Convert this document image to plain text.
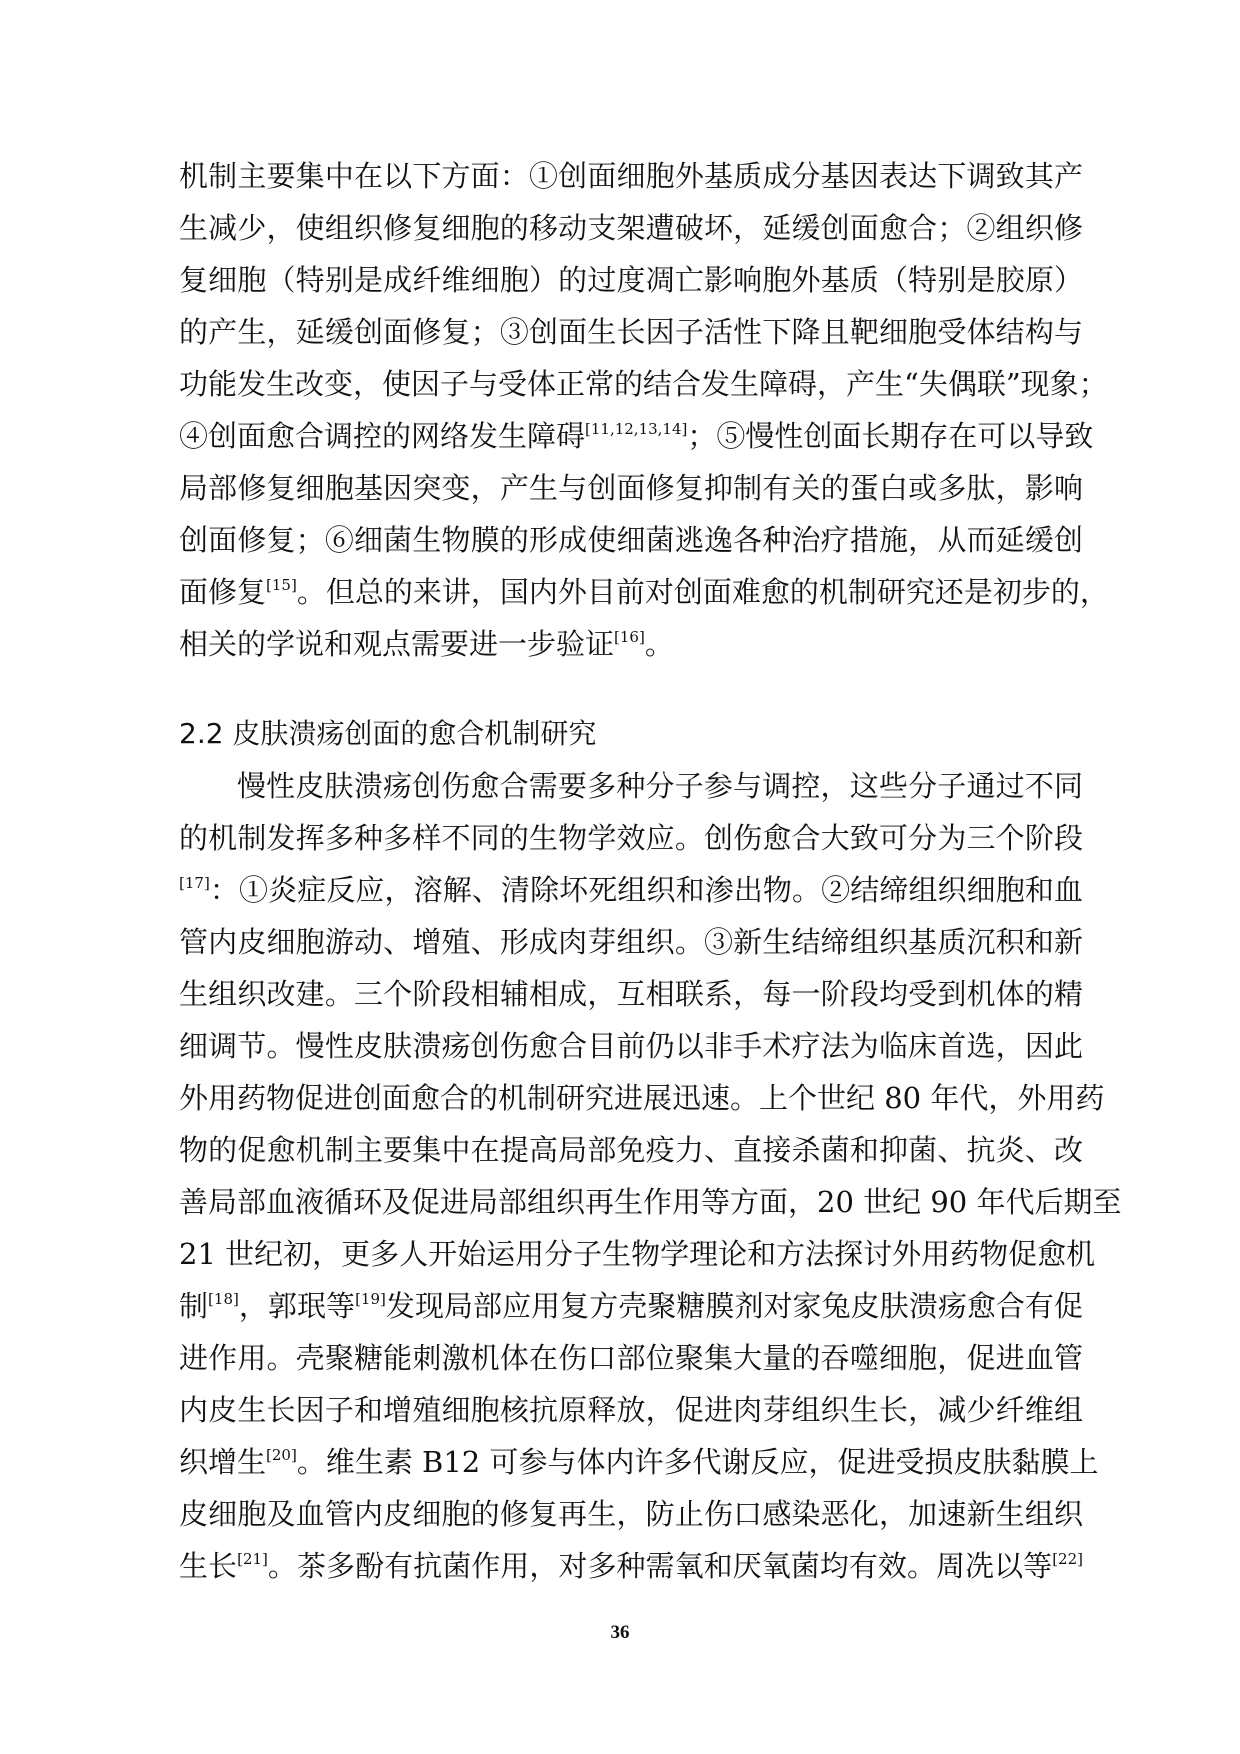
机制主要集中在以下方面：①创面细胞外基质成分基因表达下调致其产
生减少，使组织修复细胞的移动支架遭破坏，延缓创面愈合；②组织修
复细胞（特别是成纤维细胞）的过度凋亡影响胞外基质（特别是胶原）
的产生，延缓创面修复；③创面生长因子活性下降且靶细胞受体结构与
功能发生改变，使因子与受体正常的结合发生障碍，产生“失偶联”现象；
④创面愈合调控的网络发生障碍[11,12,13,14]；⑤慢性创面长期存在可以导致
局部修复细胞基因突变，产生与创面修复抑制有关的蛋白或多肽，影响
创面修复；⑥细菌生物膜的形成使细菌逃逸各种治疗措施，从而延缓创
面修复[15]。但总的来讲，国内外目前对创面难愈的机制研究还是初步的，
相关的学说和观点需要进一步验证[16]。
2.2 皮肤溃疡创面的愈合机制研究
慢性皮肤溃疡创伤愈合需要多种分子参与调控，这些分子通过不同
的机制发挥多种多样不同的生物学效应。创伤愈合大致可分为三个阶段
[17]：①炎症反应，溶解、清除坏死组织和渗出物。②结缔组织细胞和血
管内皮细胞游动、增殖、形成肉芽组织。③新生结缔组织基质沉积和新
生组织改建。三个阶段相辅相成，互相联系，每一阶段均受到机体的精
细调节。慢性皮肤溃疡创伤愈合目前仍以非手术疗法为临床首选，因此
外用药物促进创面愈合的机制研究进展迅速。上个世纪 80 年代，外用药
物的促愈机制主要集中在提高局部免疫力、直接杀菌和抑菌、抗炎、改
善局部血液循环及促进局部组织再生作用等方面，20 世纪 90 年代后期至
21 世纪初，更多人开始运用分子生物学理论和方法探讨外用药物促愈机
制[18]，郭珉等[19]发现局部应用复方壳聚糖膜剂对家兔皮肤溃疡愈合有促
进作用。壳聚糖能刺激机体在伤口部位聚集大量的吞噬细胞，促进血管
内皮生长因子和增殖细胞核抗原释放，促进肉芽组织生长，减少纤维组
织增生[20]。维生素 B12 可参与体内许多代谢反应，促进受损皮肤黏膜上
皮细胞及血管内皮细胞的修复再生，防止伤口感染恶化，加速新生组织
生长[21]。茶多酚有抗菌作用，对多种需氧和厌氧菌均有效。周冼以等[22]
36
